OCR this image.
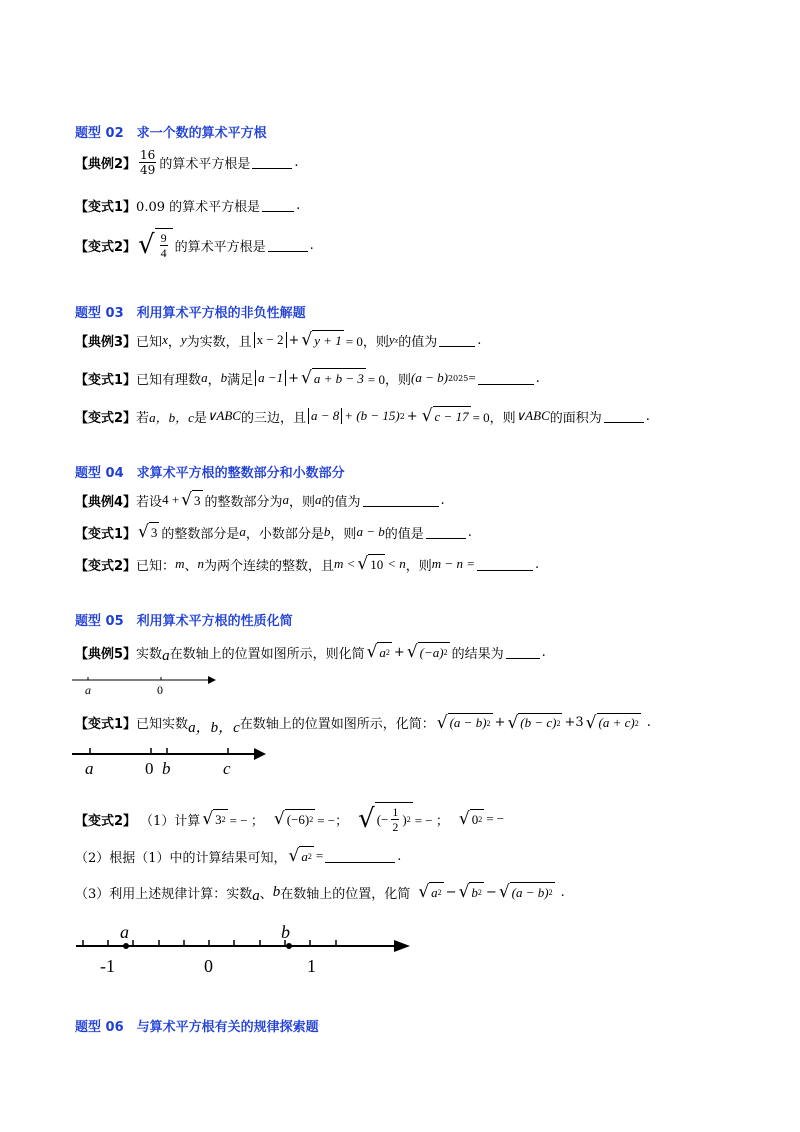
题型 02　求一个数的算术平方根
【典例2】 $\frac{16}{49}$ 的算术平方根是	.
【变式1】 0.09 的算术平方根是	.
【变式2】 √ $\frac{9}{4}$ 的算术平方根是	.
题型 03　利用算术平方根的非负性解题
【典例3】 已知 x ， y 为实数，且 x − 2 + √ y + 1 = 0，则 y x 的值为	.
【变式1】 已知有理数 a ， b 满足 a −1 + √ a + b − 3 = 0，则 (a − b) 2025 =	.
【变式2】 若 a，b，c 是 ∨ABC 的三边，且 a − 8 + (b − 15) 2 + √ c − 17 = 0，则 ∨ABC 的面积为	.
题型 04　求算术平方根的整数部分和小数部分
【典例4】 若设 4 + √ 3 的整数部分为 a ，则 a 的值为	.
【变式1】 √ 3 的整数部分是 a ，小数部分是 b ，则 a − b 的值是	.
【变式2】 已知： m 、 n 为两个连续的整数，且 m < √ 10 < n ，则 m − n =	.
题型 05　利用算术平方根的性质化简
【典例5】 实数 a 在数轴上的位置如图所示，则化简 √ a 2 + √ (−a) 2 的结果为	.
a	0
【变式1】 已知实数 a，b，c 在数轴上的位置如图所示，化简： √ (a − b) 2 + √ (b − c) 2 +3 √ (a + c) 2 .
a	0 b	c
【变式2】 （1）计算 √ 3 2 = − ； √ (−6) 2 = −； √ (− $\frac{1}{2}$ ) 2 = − ； √ 0 2 = −
（2）根据（1）中的计算结果可知， √ a 2 =	.
（3）利用上述规律计算：实数 a 、 b 在数轴上的位置，化简 √ a 2 − √ b 2 − √ (a − b) 2 .
a	b
-1	0	1
题型 06　与算术平方根有关的规律探索题
